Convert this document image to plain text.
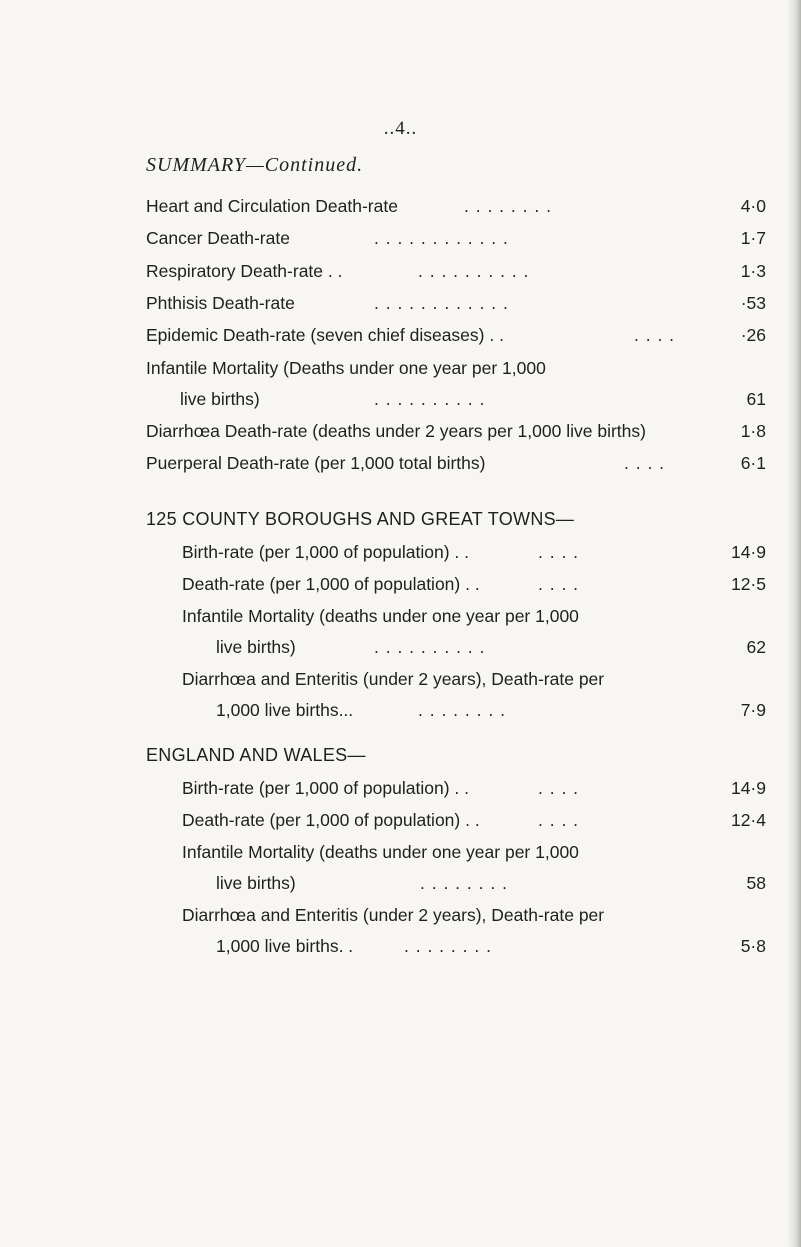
..4..
SUMMARY—Continued.
Heart and Circulation Death-rate	. . . . . . . .	4·0
Cancer Death-rate	. . . . . . . . . . . .	1·7
Respiratory Death-rate . .	. . . . . . . . . .	1·3
Phthisis Death-rate	. . . . . . . . . . . .	·53
Epidemic Death-rate (seven chief diseases) . .	. . . .	·26
Infantile Mortality (Deaths under one year per 1,000
live births)	. . . . . . . . . .	61
Diarrhœa Death-rate (deaths under 2 years per 1,000 live births)	1·8
Puerperal Death-rate (per 1,000 total births)	. . . .	6·1
125 COUNTY BOROUGHS AND GREAT TOWNS—
Birth-rate (per 1,000 of population) . .	. . . .	14·9
Death-rate (per 1,000 of population) . .	. . . .	12·5
Infantile Mortality (deaths under one year per 1,000
live births)	. . . . . . . . . .	62
Diarrhœa and Enteritis (under 2 years), Death-rate per
1,000 live births...	. . . . . . . .	7·9
ENGLAND AND WALES—
Birth-rate (per 1,000 of population) . .	. . . .	14·9
Death-rate (per 1,000 of population) . .	. . . .	12·4
Infantile Mortality (deaths under one year per 1,000
live births)	. . . . . . . .	58
Diarrhœa and Enteritis (under 2 years), Death-rate per
1,000 live births. .	. . . . . . . .	5·8
